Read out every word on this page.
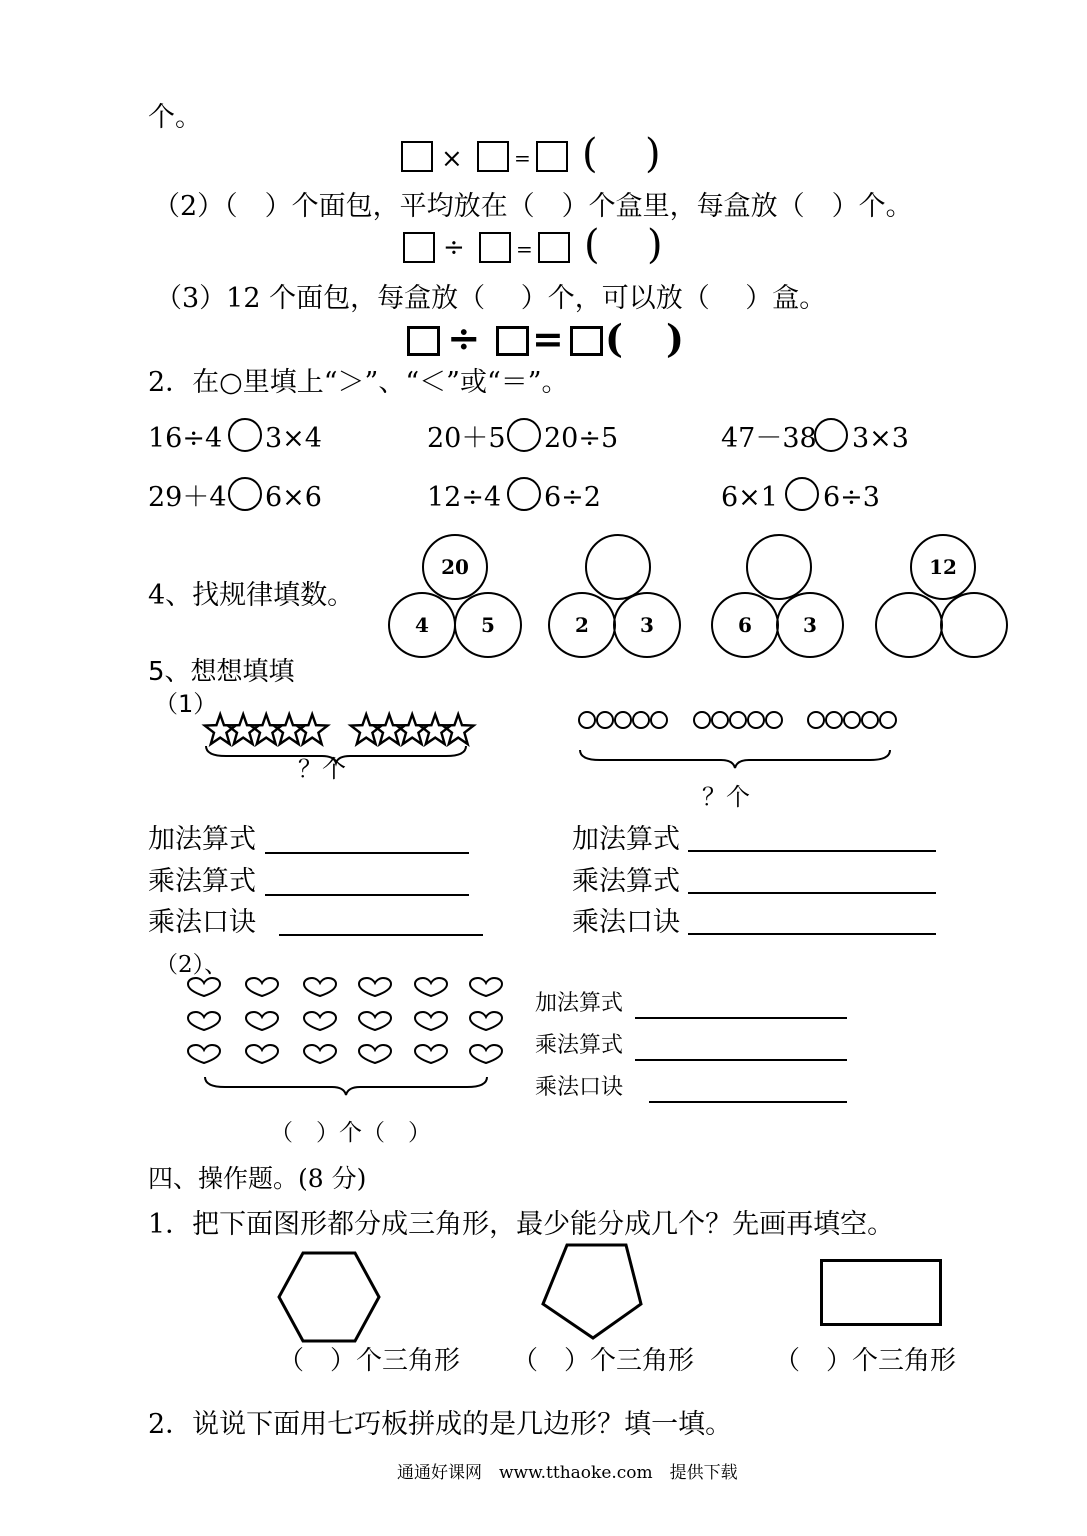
个。
×	= ( )
（2）（　）个面包，平均放在（　）个盒里，每盒放（　）个。
÷	= ( )
（3）12 个面包，每盒放（　 ）个，可以放（　 ）盒。
÷ = ( )
2．在○里填上“＞”、“＜”或“＝”。
16÷4 3×4	20＋5 20÷5	47－38 3×3
29＋4 6×6	12÷4 6÷2	6×1 6÷3
4、找规律填数。
20
4	5	2	3	6	3
12
5、想想填填
（1）
？个
？个
加法算式
乘法算式
乘法口诀
加法算式
乘法算式
乘法口诀
（2）、
（　）个（　）
加法算式
乘法算式
乘法口诀
四、操作题。(8 分)
1．把下面图形都分成三角形，最少能分成几个？先画再填空。
（　）个三角形 （　）个三角形	（　）个三角形
2．说说下面用七巧板拼成的是几边形？填一填。
通通好课网　www.tthaoke.com　提供下载
